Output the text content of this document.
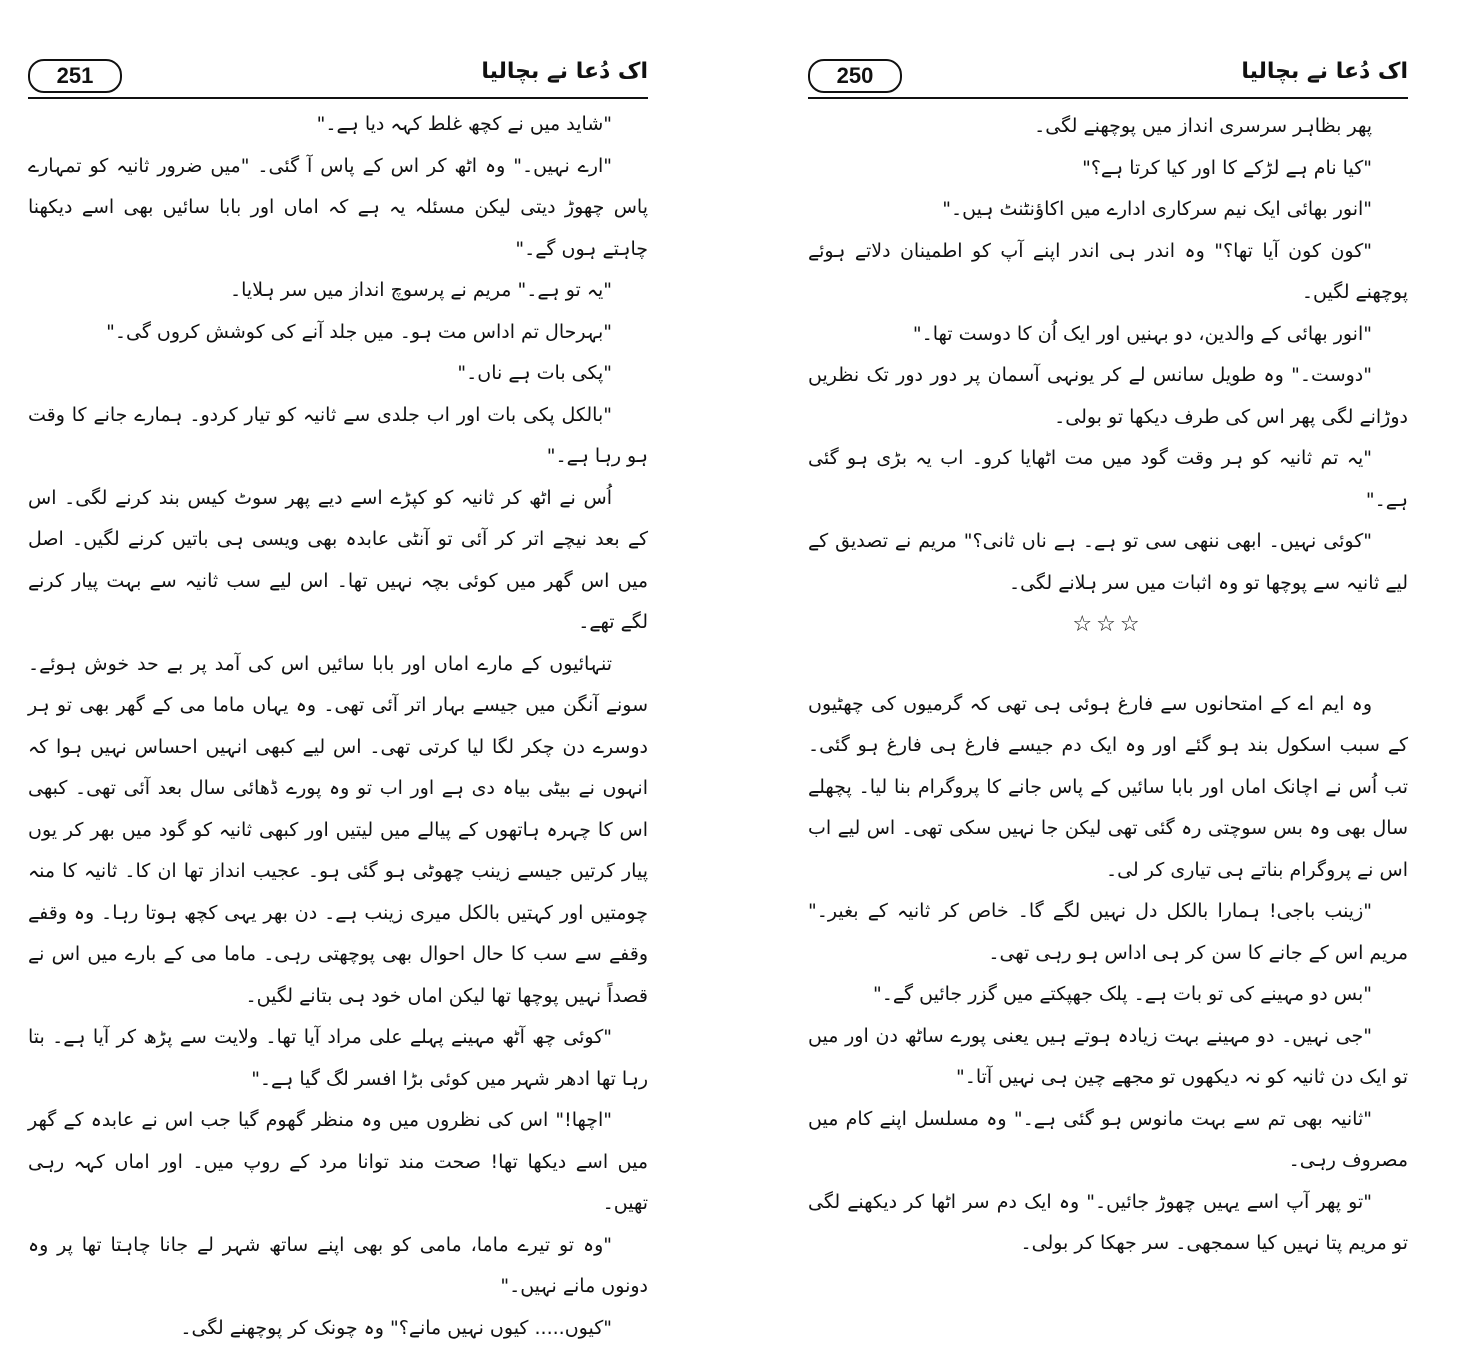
251	اک دُعا نے بچالیا

"شاید میں نے کچھ غلط کہہ دیا ہے۔"

"ارے نہیں۔" وہ اٹھ کر اس کے پاس آ گئی۔ "میں ضرور ثانیہ کو تمہارے پاس چھوڑ دیتی لیکن مسئلہ یہ ہے کہ اماں اور بابا سائیں بھی اسے دیکھنا چاہتے ہوں گے۔"

"یہ تو ہے۔" مریم نے پرسوچ انداز میں سر ہلایا۔

"بہرحال تم اداس مت ہو۔ میں جلد آنے کی کوشش کروں گی۔"

"پکی بات ہے ناں۔"

"بالکل پکی بات اور اب جلدی سے ثانیہ کو تیار کردو۔ ہمارے جانے کا وقت ہو رہا ہے۔"

اُس نے اٹھ کر ثانیہ کو کپڑے اسے دیے پھر سوٹ کیس بند کرنے لگی۔ اس کے بعد نیچے اتر کر آئی تو آنٹی عابدہ بھی ویسی ہی باتیں کرنے لگیں۔ اصل میں اس گھر میں کوئی بچہ نہیں تھا۔ اس لیے سب ثانیہ سے بہت پیار کرنے لگے تھے۔

تنہائیوں کے مارے اماں اور بابا سائیں اس کی آمد پر بے حد خوش ہوئے۔ سونے آنگن میں جیسے بہار اتر آئی تھی۔ وہ یہاں ماما می کے گھر بھی تو ہر دوسرے دن چکر لگا لیا کرتی تھی۔ اس لیے کبھی انہیں احساس نہیں ہوا کہ انہوں نے بیٹی بیاہ دی ہے اور اب تو وہ پورے ڈھائی سال بعد آئی تھی۔ کبھی اس کا چہرہ ہاتھوں کے پیالے میں لیتیں اور کبھی ثانیہ کو گود میں بھر کر یوں پیار کرتیں جیسے زینب چھوٹی ہو گئی ہو۔ عجیب انداز تھا ان کا۔ ثانیہ کا منہ چومتیں اور کہتیں بالکل میری زینب ہے۔ دن بھر یہی کچھ ہوتا رہا۔ وہ وقفے وقفے سے سب کا حال احوال بھی پوچھتی رہی۔ ماما می کے بارے میں اس نے قصداً نہیں پوچھا تھا لیکن اماں خود ہی بتانے لگیں۔

"کوئی چھ آٹھ مہینے پہلے علی مراد آیا تھا۔ ولایت سے پڑھ کر آیا ہے۔ بتا رہا تھا ادھر شہر میں کوئی بڑا افسر لگ گیا ہے۔"

"اچھا!" اس کی نظروں میں وہ منظر گھوم گیا جب اس نے عابدہ کے گھر میں اسے دیکھا تھا! صحت مند توانا مرد کے روپ میں۔ اور اماں کہہ رہی تھیں۔

"وہ تو تیرے ماما، مامی کو بھی اپنے ساتھ شہر لے جانا چاہتا تھا پر وہ دونوں مانے نہیں۔"

"کیوں..... کیوں نہیں مانے؟" وہ چونک کر پوچھنے لگی۔

250	اک دُعا نے بچالیا

پھر بظاہر سرسری انداز میں پوچھنے لگی۔

"کیا نام ہے لڑکے کا اور کیا کرتا ہے؟"

"انور بھائی ایک نیم سرکاری ادارے میں اکاؤنٹنٹ ہیں۔"

"کون کون آیا تھا؟" وہ اندر ہی اندر اپنے آپ کو اطمینان دلاتے ہوئے پوچھنے لگیں۔

"انور بھائی کے والدین، دو بہنیں اور ایک اُن کا دوست تھا۔"

"دوست۔" وہ طویل سانس لے کر یونہی آسمان پر دور دور تک نظریں دوڑانے لگی پھر اس کی طرف دیکھا تو بولی۔

"یہ تم ثانیہ کو ہر وقت گود میں مت اٹھایا کرو۔ اب یہ بڑی ہو گئی ہے۔"

"کوئی نہیں۔ ابھی ننھی سی تو ہے۔ ہے ناں ثانی؟" مریم نے تصدیق کے لیے ثانیہ سے پوچھا تو وہ اثبات میں سر ہلانے لگی۔

☆☆☆

وہ ایم اے کے امتحانوں سے فارغ ہوئی ہی تھی کہ گرمیوں کی چھٹیوں کے سبب اسکول بند ہو گئے اور وہ ایک دم جیسے فارغ ہی فارغ ہو گئی۔ تب اُس نے اچانک اماں اور بابا سائیں کے پاس جانے کا پروگرام بنا لیا۔ پچھلے سال بھی وہ بس سوچتی رہ گئی تھی لیکن جا نہیں سکی تھی۔ اس لیے اب اس نے پروگرام بناتے ہی تیاری کر لی۔

"زینب باجی! ہمارا بالکل دل نہیں لگے گا۔ خاص کر ثانیہ کے بغیر۔" مریم اس کے جانے کا سن کر ہی اداس ہو رہی تھی۔

"بس دو مہینے کی تو بات ہے۔ پلک جھپکتے میں گزر جائیں گے۔"

"جی نہیں۔ دو مہینے بہت زیادہ ہوتے ہیں یعنی پورے ساٹھ دن اور میں تو ایک دن ثانیہ کو نہ دیکھوں تو مجھے چین ہی نہیں آتا۔"

"ثانیہ بھی تم سے بہت مانوس ہو گئی ہے۔" وہ مسلسل اپنے کام میں مصروف رہی۔

"تو پھر آپ اسے یہیں چھوڑ جائیں۔" وہ ایک دم سر اٹھا کر دیکھنے لگی تو مریم پتا نہیں کیا سمجھی۔ سر جھکا کر بولی۔
